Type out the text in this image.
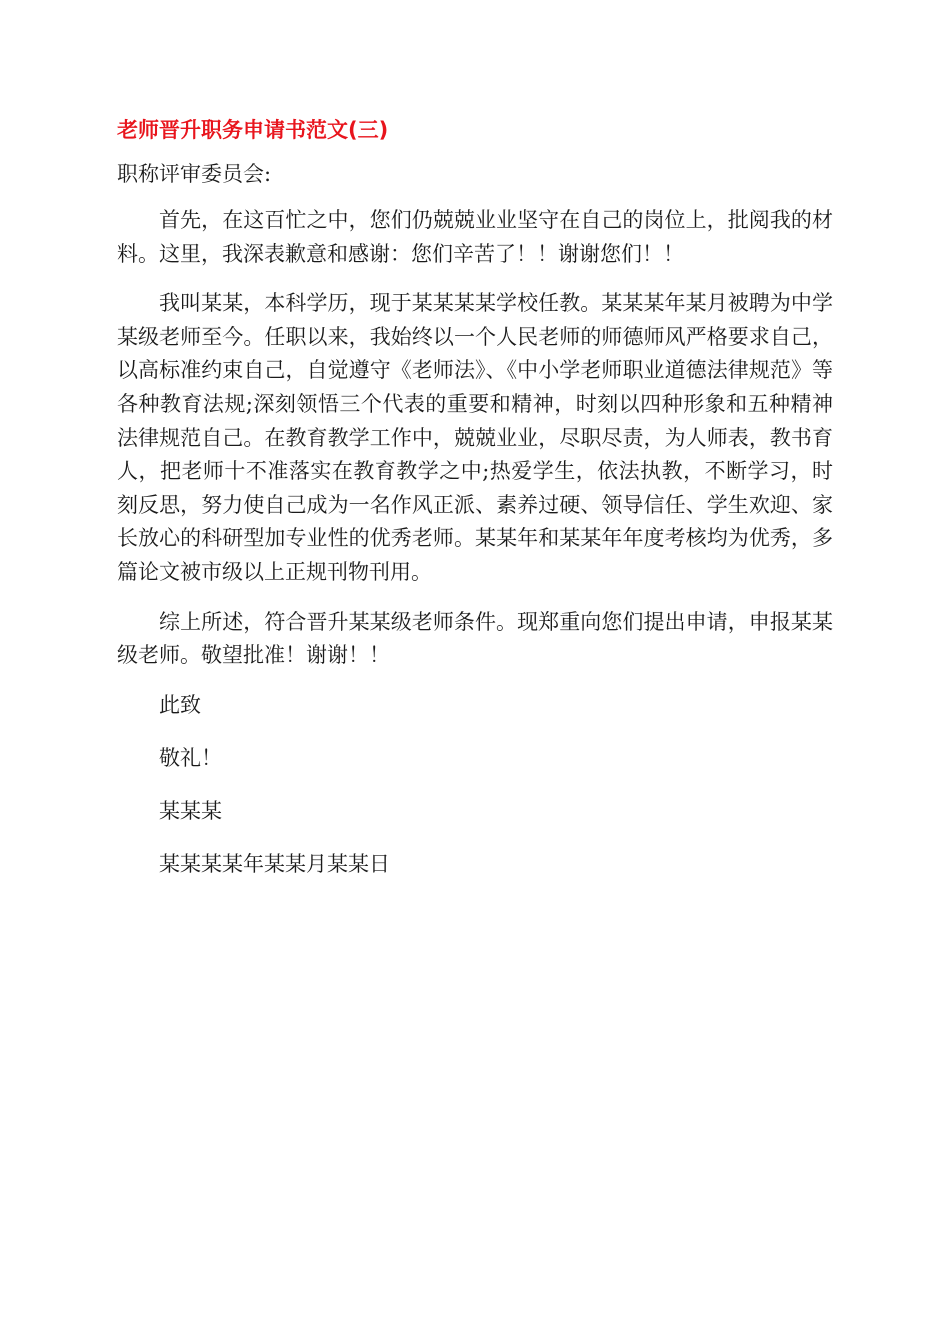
老师晋升职务申请书范文(三)
职称评审委员会:

首先，在这百忙之中，您们仍兢兢业业坚守在自己的岗位上，批阅我的材料。这里，我深表歉意和感谢：您们辛苦了！！谢谢您们！！

我叫某某，本科学历，现于某某某某学校任教。某某某年某月被聘为中学某级老师至今。任职以来，我始终以一个人民老师的师德师风严格要求自己，以高标准约束自己，自觉遵守《老师法》、《中小学老师职业道德法律规范》等各种教育法规;深刻领悟三个代表的重要和精神，时刻以四种形象和五种精神法律规范自己。在教育教学工作中，兢兢业业，尽职尽责，为人师表，教书育人，把老师十不准落实在教育教学之中;热爱学生，依法执教，不断学习，时刻反思，努力使自己成为一名作风正派、素养过硬、领导信任、学生欢迎、家长放心的科研型加专业性的优秀老师。某某年和某某年年度考核均为优秀，多篇论文被市级以上正规刊物刊用。

综上所述，符合晋升某某级老师条件。现郑重向您们提出申请，申报某某级老师。敬望批准！谢谢！！

此致
敬礼！
某某某
某某某某年某某月某某日
